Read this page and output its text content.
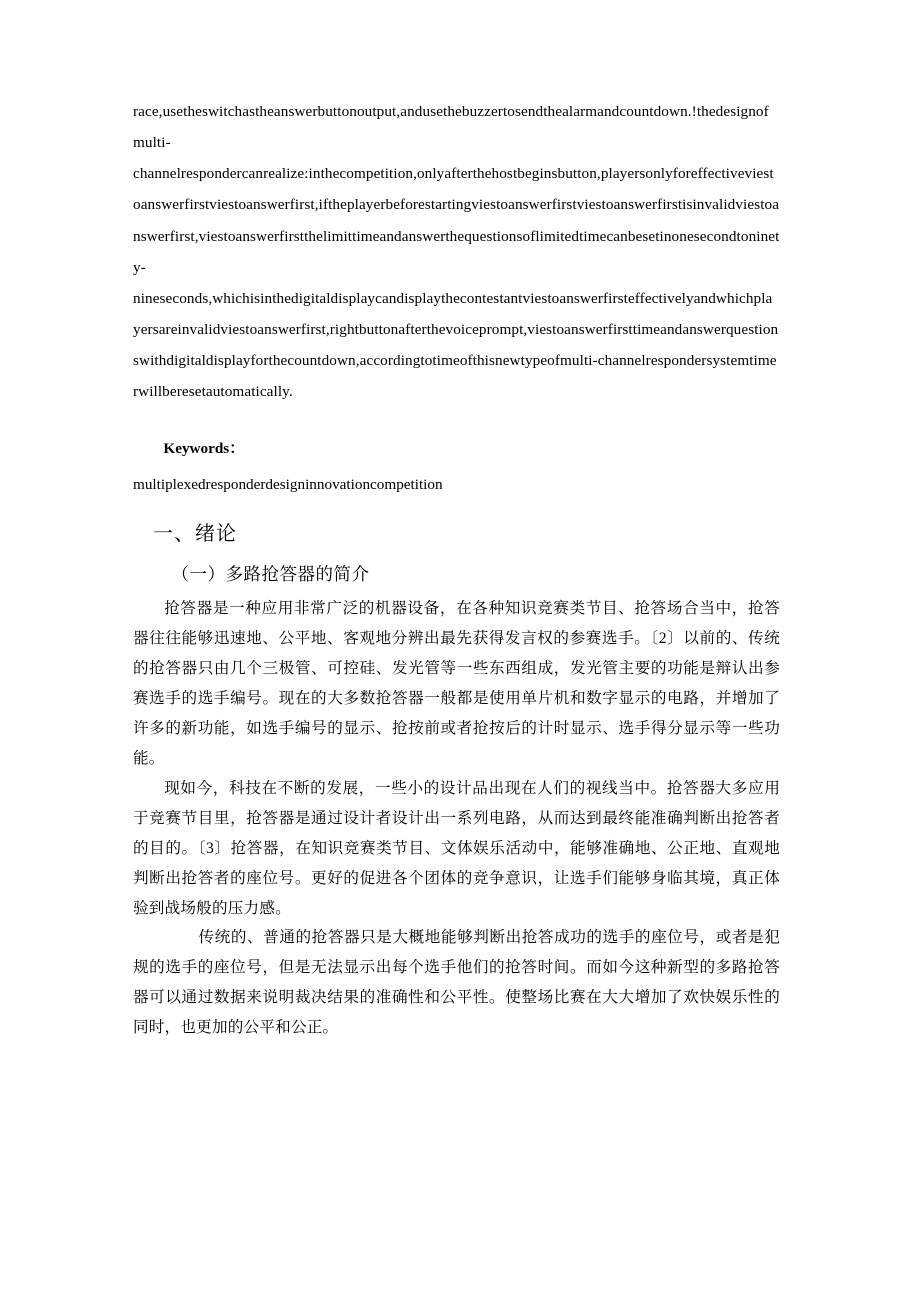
race,usetheswitchastheanswerbuttonoutput,andusethebuzzertosendthealarmandcountdown.!thedesignofmulti-

channelrespondercanrealize:inthecompetition,onlyafterthehostbeginsbutton,playersonlyforeffectiveviestoanswerfirstviestoanswerfirst,iftheplayerbeforestartingviestoanswerfirstviestoanswerfirstisinvalidviestoanswerfirst,viestoanswerfirstthelimittimeandanswerthequestionsoflimitedtimecanbesetinonesecondtoninety-

nineseconds,whichisinthedigitaldisplaycandisplaythecontestantviestoanswerfirsteffectivelyandwhichplayersareinvalidviestoanswerfirst,rightbuttonafterthevoiceprompt,viestoanswerfirsttimeandanswerquestionswithdigitaldisplayforthecountdown,accordingtotimeofthisnewtypeofmulti-channelrespondersystemtimerwillberesetautomatically.

Keywords：
multiplexedresponderdesigninnovationcompetition
一、绪论
（一）多路抢答器的简介

抢答器是一种应用非常广泛的机器设备，在各种知识竞赛类节目、抢答场合当中，抢答器往往能够迅速地、公平地、客观地分辨出最先获得发言权的参赛选手。〔2〕以前的、传统的抢答器只由几个三极管、可控硅、发光管等一些东西组成，发光管主要的功能是辩认出参赛选手的选手编号。现在的大多数抢答器一般都是使用单片机和数字显示的电路，并增加了许多的新功能，如选手编号的显示、抢按前或者抢按后的计时显示、选手得分显示等一些功能。

现如今，科技在不断的发展，一些小的设计品出现在人们的视线当中。抢答器大多应用于竞赛节目里，抢答器是通过设计者设计出一系列电路，从而达到最终能准确判断出抢答者的目的。〔3〕抢答器，在知识竞赛类节目、文体娱乐活动中，能够准确地、公正地、直观地判断出抢答者的座位号。更好的促进各个团体的竞争意识，让选手们能够身临其境，真正体验到战场般的压力感。

传统的、普通的抢答器只是大概地能够判断出抢答成功的选手的座位号，或者是犯规的选手的座位号，但是无法显示出每个选手他们的抢答时间。而如今这种新型的多路抢答器可以通过数据来说明裁决结果的准确性和公平性。使整场比赛在大大增加了欢快娱乐性的同时，也更加的公平和公正。
